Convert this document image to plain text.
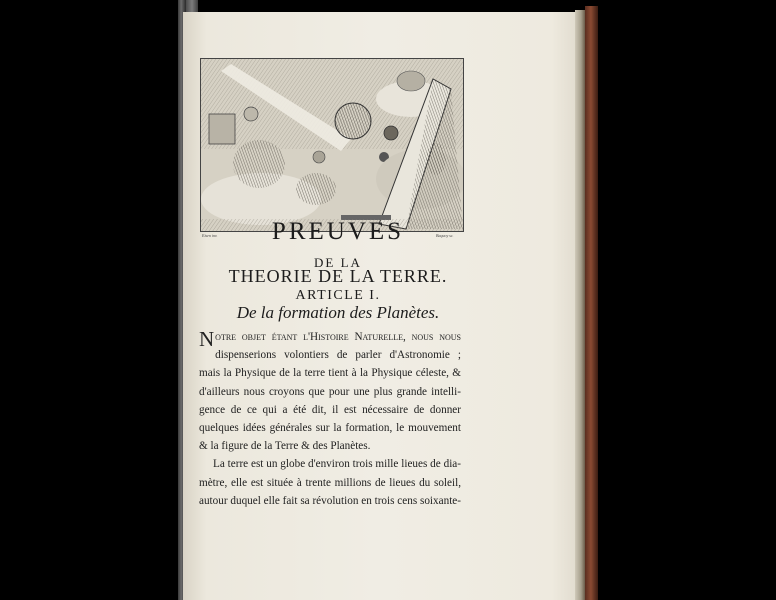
Eisen inv.	Baquoy sc.
PREUVES
DE LA
THEORIE DE LA TERRE.
ARTICLE I.
De la formation des Planètes.
N otre objet étant l'Histoire Naturelle, nous nous
dispenserions volontiers de parler d'Astronomie ;
mais la Physique de la terre tient à la Physique céleste, &
d'ailleurs nous croyons que pour une plus grande intelli-
gence de ce qui a été dit, il est nécessaire de donner
quelques idées générales sur la formation, le mouvement
& la figure de la Terre & des Planètes.
La terre est un globe d'environ trois mille lieues de dia-
mètre, elle est située à trente millions de lieues du soleil,
autour duquel elle fait sa révolution en trois cens soixante-
